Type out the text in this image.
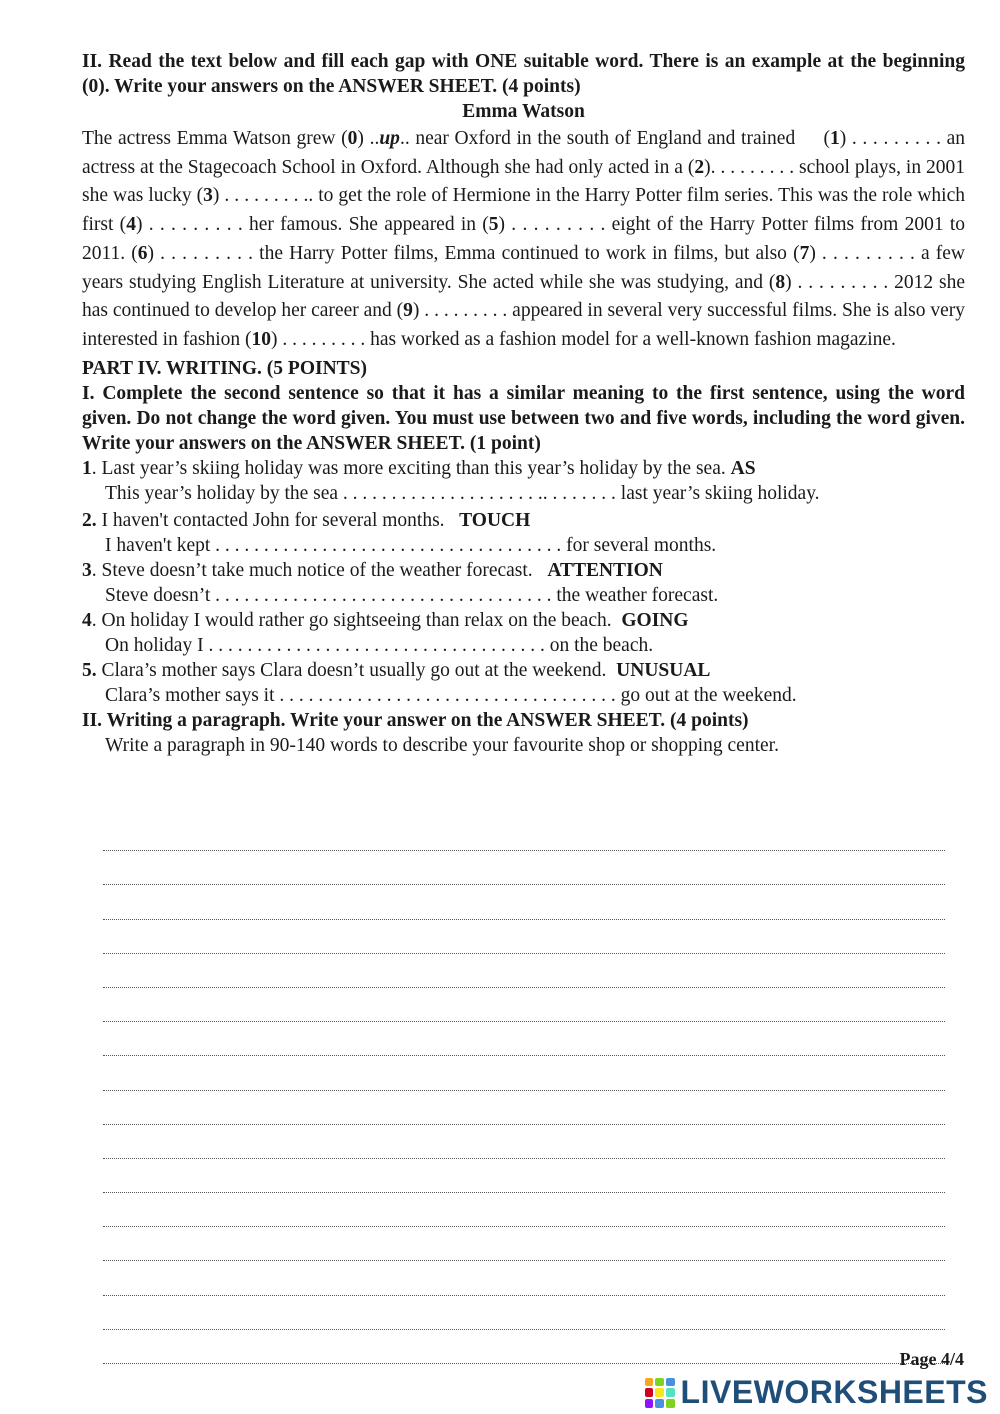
II. Read the text below and fill each gap with ONE suitable word. There is an example at the beginning (0). Write your answers on the ANSWER SHEET. (4 points)
Emma Watson

The actress Emma Watson grew (0) ..up.. near Oxford in the south of England and trained     (1) . . . . . . . . . an actress at the Stagecoach School in Oxford. Although she had only acted in a (2). . . . . . . . . school plays, in 2001 she was lucky (3) . . . . . . . . .. to get the role of Hermione in the Harry Potter film series. This was the role which first (4) . . . . . . . . . her famous. She appeared in (5) . . . . . . . . . eight of the Harry Potter films from 2001 to 2011. (6) . . . . . . . . . the Harry Potter films, Emma continued to work in films, but also (7) . . . . . . . . . a few years studying English Literature at university. She acted while she was studying, and (8) . . . . . . . . . 2012 she has continued to develop her career and (9) . . . . . . . . . appeared in several very successful films. She is also very interested in fashion (10) . . . . . . . . . has worked as a fashion model for a well-known fashion magazine.

PART IV. WRITING. (5 POINTS)
I. Complete the second sentence so that it has a similar meaning to the first sentence, using the word given. Do not change the word given. You must use between two and five words, including the word given. Write your answers on the ANSWER SHEET. (1 point)
1. Last year’s skiing holiday was more exciting than this year’s holiday by the sea. AS
This year’s holiday by the sea . . . . . . . . . . . . . . . . . . . . .. . . . . . . . last year’s skiing holiday.
2. I haven't contacted John for several months. TOUCH
I haven't kept . . . . . . . . . . . . . . . . . . . . . . . . . . . . . . . . . . . . for several months.
3. Steve doesn’t take much notice of the weather forecast. ATTENTION
Steve doesn’t . . . . . . . . . . . . . . . . . . . . . . . . . . . . . . . . . . . the weather forecast.
4. On holiday I would rather go sightseeing than relax on the beach. GOING
On holiday I . . . . . . . . . . . . . . . . . . . . . . . . . . . . . . . . . . . on the beach.
5. Clara’s mother says Clara doesn’t usually go out at the weekend. UNUSUAL
Clara’s mother says it . . . . . . . . . . . . . . . . . . . . . . . . . . . . . . . . . . . go out at the weekend.
II. Writing a paragraph. Write your answer on the ANSWER SHEET. (4 points)
Write a paragraph in 90-140 words to describe your favourite shop or shopping center.
Page 4/4
LIVEWORKSHEETS
